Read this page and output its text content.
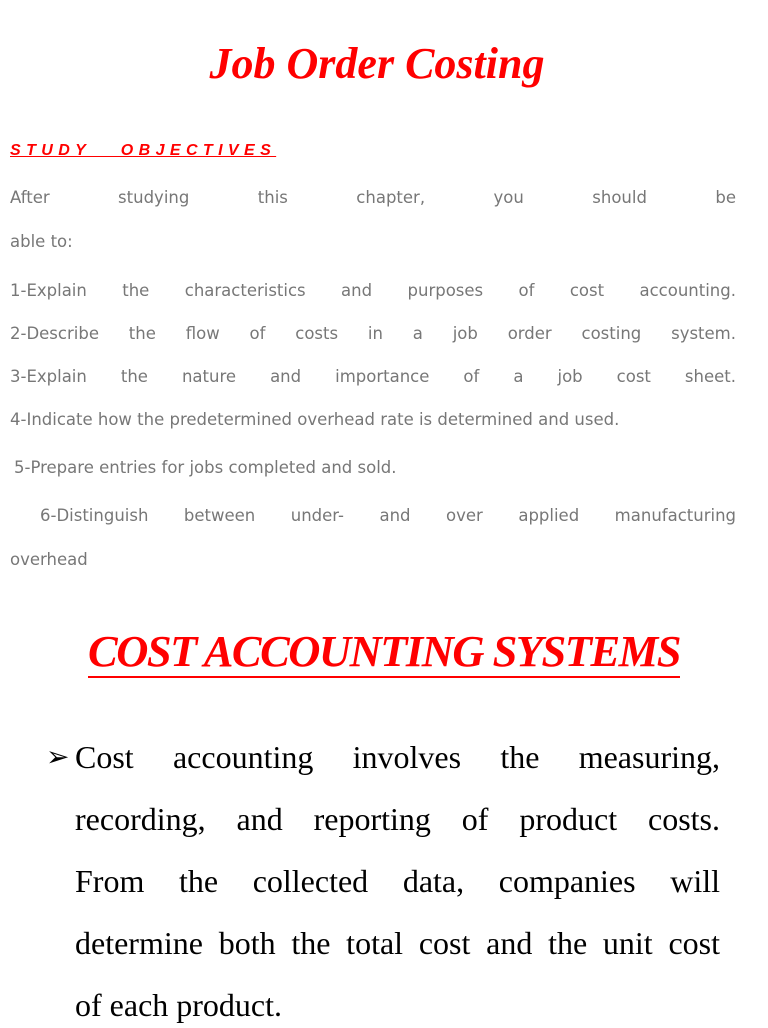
Job Order Costing

STUDY OBJECTIVES

After studying this chapter, you should be

able to:

1-Explain the characteristics and purposes of cost accounting.

2-Describe the flow of costs in a job order costing system.

3-Explain the nature and importance of a job cost sheet.

4-Indicate how the predetermined overhead rate is determined and used.

5-Prepare entries for jobs completed and sold.

6-Distinguish between under- and over applied manufacturing

overhead

COST ACCOUNTING SYSTEMS
➢ Cost accounting involves the measuring,

recording, and reporting of product costs.

From the collected data, companies will

determine both the total cost and the unit cost

of each product.
